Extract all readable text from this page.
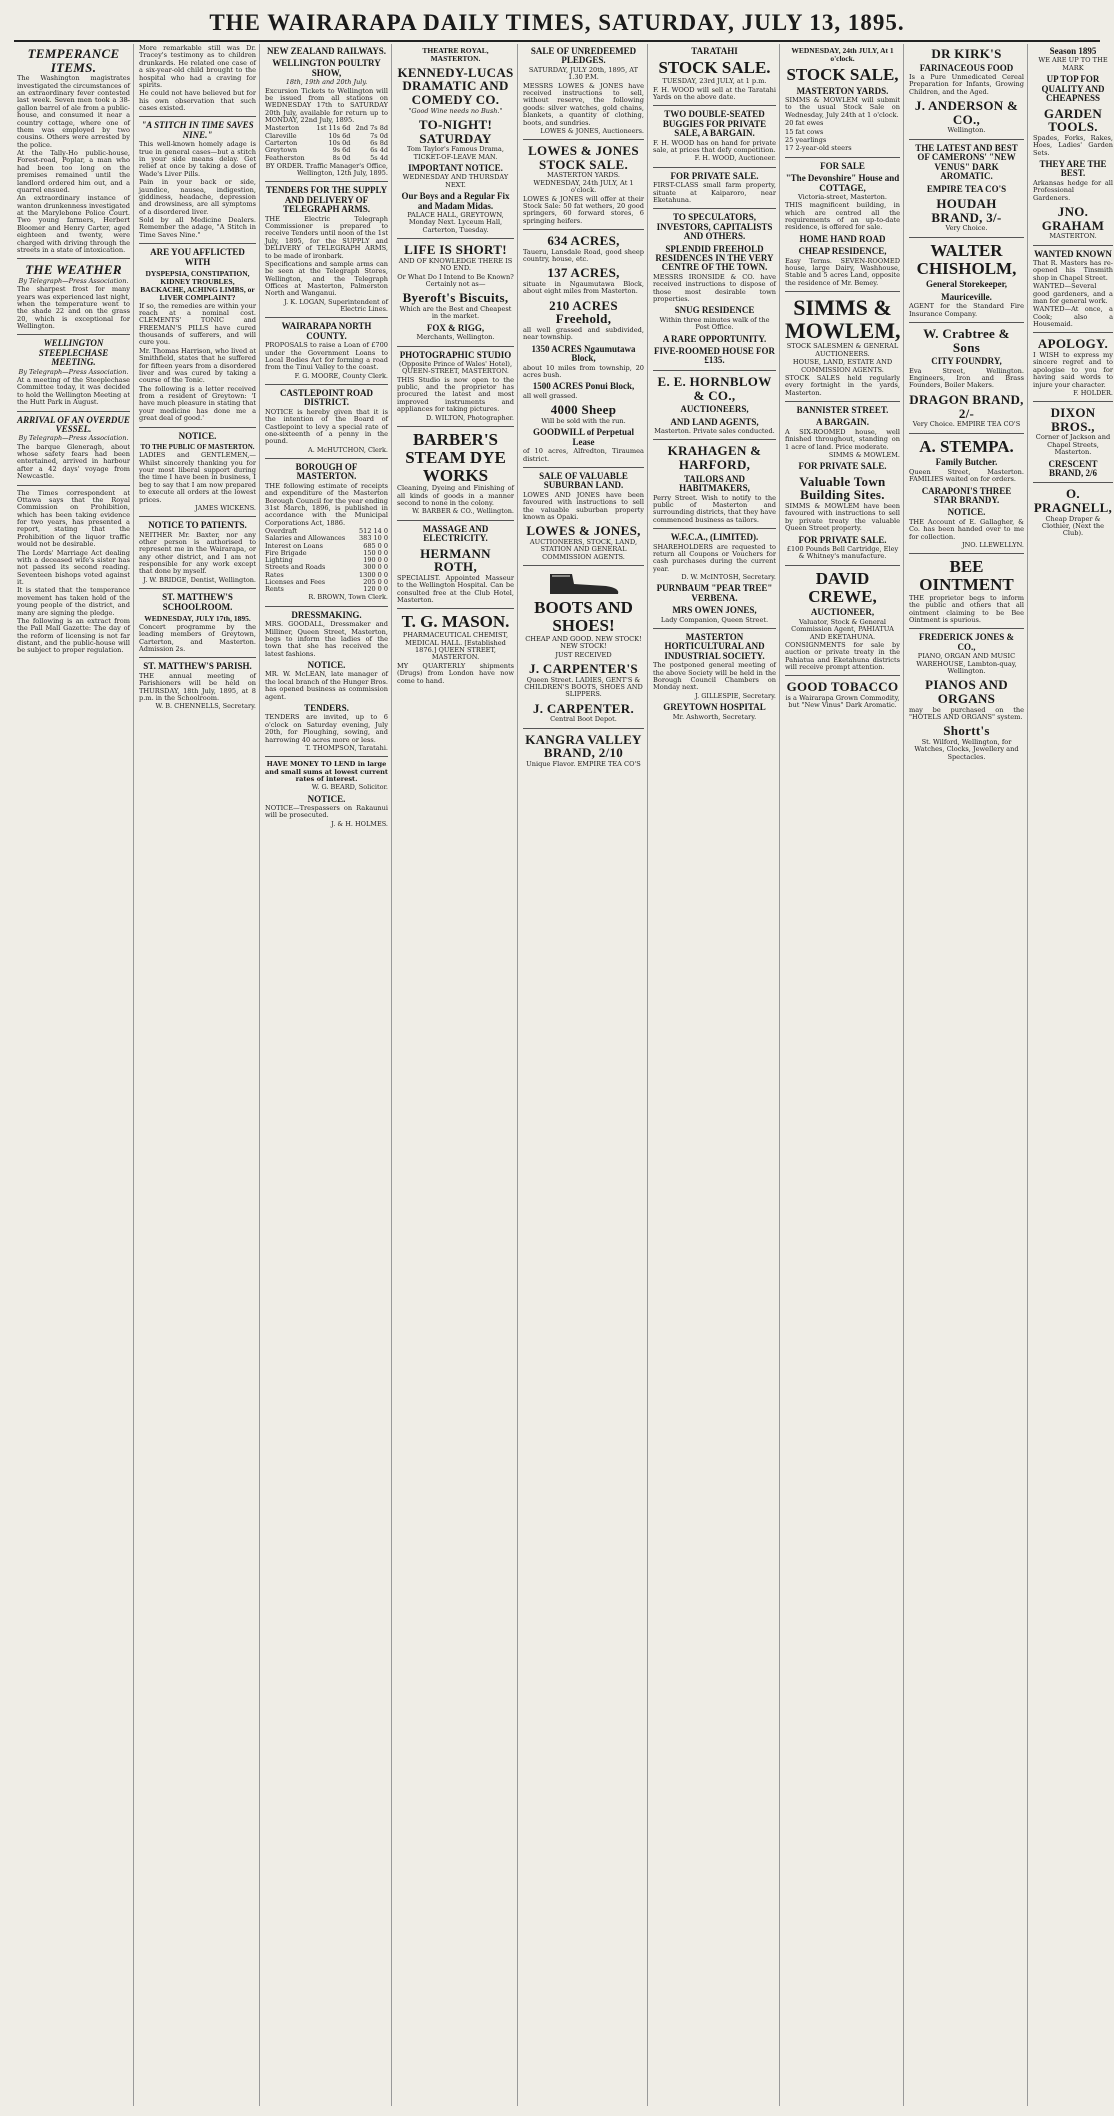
THE WAIRARAPA DAILY TIMES, SATURDAY, JULY 13, 1895.
TEMPERANCE ITEMS.

The Washington magistrates investigated the circumstances of an extraordinary fever contested last week. Seven men took a 38-gallon barrel of ale from a public-house, and consumed it near a country cottage, where one of them was employed by two cousins. Others were arrested by the police.

At the Tally-Ho public-house, Forest-road, Poplar, a man who had been too long on the premises remained until the landlord ordered him out, and a quarrel ensued.

An extraordinary instance of wanton drunkenness investigated at the Marylebone Police Court. Two young farmers, Herbert Bloomer and Henry Carter, aged eighteen and twenty, were charged with driving through the streets in a state of intoxication.

THE WEATHER
By Telegraph—Press Association.

The sharpest frost for many years was experienced last night, when the temperature went to the shade 22 and on the grass 20, which is exceptional for Wellington.

WELLINGTON STEEPLECHASE MEETING.
By Telegraph—Press Association.

At a meeting of the Steeplechase Committee today, it was decided to hold the Wellington Meeting at the Hutt Park in August.

ARRIVAL OF AN OVERDUE VESSEL.
By Telegraph—Press Association.

The barque Gleneragh, about whose safety fears had been entertained, arrived in harbour after a 42 days' voyage from Newcastle.

The Times correspondent at Ottawa says that the Royal Commission on Prohibition, which has been taking evidence for two years, has presented a report, stating that the Prohibition of the liquor traffic would not be desirable.

The Lords' Marriage Act dealing with a deceased wife's sister has not passed its second reading. Seventeen bishops voted against it.

It is stated that the temperance movement has taken hold of the young people of the district, and many are signing the pledge.

The following is an extract from the Pall Mall Gazette: The day of the reform of licensing is not far distant, and the public-house will be subject to proper regulation.

More remarkable still was Dr. Tracey's testimony as to children drunkards. He related one case of a six-year-old child brought to the hospital who had a craving for spirits.

He could not have believed but for his own observation that such cases existed.

"A STITCH IN TIME SAVES NINE."

This well-known homely adage is true in general cases—but a stitch in your side means delay. Get relief at once by taking a dose of Wade's Liver Pills.

Pain in your back or side, jaundice, nausea, indigestion, giddiness, headache, depression and drowsiness, are all symptoms of a disordered liver.

Sold by all Medicine Dealers. Remember the adage, "A Stitch in Time Saves Nine."

ARE YOU AFFLICTED WITH
DYSPEPSIA, CONSTIPATION, KIDNEY TROUBLES, BACKACHE, ACHING LIMBS, or LIVER COMPLAINT?

If so, the remedies are within your reach at a nominal cost. CLEMENTS' TONIC and FREEMAN'S PILLS have cured thousands of sufferers, and will cure you.

Mr. Thomas Harrison, who lived at Smithfield, states that he suffered for fifteen years from a disordered liver and was cured by taking a course of the Tonic.

The following is a letter received from a resident of Greytown: 'I have much pleasure in stating that your medicine has done me a great deal of good.'

NOTICE.
TO THE PUBLIC OF MASTERTON.

LADIES and GENTLEMEN,—Whilst sincerely thanking you for your most liberal support during the time I have been in business, I beg to say that I am now prepared to execute all orders at the lowest prices.

JAMES WICKENS.
NOTICE TO PATIENTS.

NEITHER Mr. Baxter, nor any other person is authorised to represent me in the Wairarapa, or any other district, and I am not responsible for any work except that done by myself.

J. W. BRIDGE, Dentist, Wellington.
ST. MATTHEW'S SCHOOLROOM.
WEDNESDAY, JULY 17th, 1895.

Concert programme by the leading members of Greytown, Carterton, and Masterton. Admission 2s.

ST. MATTHEW'S PARISH.

THE annual meeting of Parishioners will be held on THURSDAY, 18th July, 1895, at 8 p.m. in the Schoolroom.

W. B. CHENNELLS, Secretary.
NEW ZEALAND RAILWAYS.
WELLINGTON POULTRY SHOW,
18th, 19th and 20th July.

Excursion Tickets to Wellington will be issued from all stations on WEDNESDAY 17th to SATURDAY 20th July, available for return up to MONDAY, 22nd July, 1895.

Masterton	1st 11s 6d	2nd 7s 8d
Clareville	10s 6d	7s 0d
Carterton	10s 0d	6s 8d
Greytown	9s 6d	6s 4d
Featherston	8s 0d	5s 4d
BY ORDER. Traffic Manager's Office, Wellington, 12th July, 1895.
TENDERS FOR THE SUPPLY AND DELIVERY OF TELEGRAPH ARMS.

THE Electric Telegraph Commissioner is prepared to receive Tenders until noon of the 1st July, 1895, for the SUPPLY and DELIVERY of TELEGRAPH ARMS, to be made of ironbark.

Specifications and sample arms can be seen at the Telegraph Stores, Wellington, and the Telegraph Offices at Masterton, Palmerston North and Wanganui.

J. K. LOGAN, Superintendent of Electric Lines.
WAIRARAPA NORTH COUNTY.

PROPOSALS to raise a Loan of £700 under the Government Loans to Local Bodies Act for forming a road from the Tinui Valley to the coast.

F. G. MOORE, County Clerk.
CASTLEPOINT ROAD DISTRICT.

NOTICE is hereby given that it is the intention of the Board of Castlepoint to levy a special rate of one-sixteenth of a penny in the pound.

A. McHUTCHON, Clerk.
BOROUGH OF MASTERTON.

THE following estimate of receipts and expenditure of the Masterton Borough Council for the year ending 31st March, 1896, is published in accordance with the Municipal Corporations Act, 1886.

Overdraft	512 14 0
Salaries and Allowances	383 10 0
Interest on Loans	685 0 0
Fire Brigade	150 0 0
Lighting	190 0 0
Streets and Roads	300 0 0
Rates	1300 0 0
Licenses and Fees	205 0 0
Rents	120 0 0
R. BROWN, Town Clerk.
DRESSMAKING.

MRS. GOODALL, Dressmaker and Milliner, Queen Street, Masterton, begs to inform the ladies of the town that she has received the latest fashions.

NOTICE.

MR. W. McLEAN, late manager of the local branch of the Hunger Bros. has opened business as commission agent.

TENDERS.

TENDERS are invited, up to 6 o'clock on Saturday evening, July 20th, for Ploughing, sowing, and harrowing 40 acres more or less.

T. THOMPSON, Taratahi.

HAVE MONEY TO LEND in large and small sums at lowest current rates of interest.

W. G. BEARD, Solicitor.
NOTICE.

NOTICE—Trespassers on Rakaunui will be prosecuted.

J. & H. HOLMES.
THEATRE ROYAL, MASTERTON.
KENNEDY-LUCAS DRAMATIC AND COMEDY CO.
"Good Wine needs no Bush."
TO-NIGHT! SATURDAY

Tom Taylor's Famous Drama, TICKET-OF-LEAVE MAN.

IMPORTANT NOTICE.

WEDNESDAY AND THURSDAY NEXT.

Our Boys and a Regular Fix and Madam Midas.

PALACE HALL, GREYTOWN, Monday Next. Lyceum Hall, Carterton, Tuesday.

LIFE IS SHORT!

AND OF KNOWLEDGE THERE IS NO END.

Or What Do I Intend to Be Known? Certainly not as—

Byeroft's Biscuits,

Which are the Best and Cheapest in the market.

FOX & RIGG,

Merchants, Wellington.

PHOTOGRAPHIC STUDIO

(Opposite Prince of Wales' Hotel), QUEEN-STREET, MASTERTON.

THIS Studio is now open to the public, and the proprietor has procured the latest and most improved instruments and appliances for taking pictures.

D. WILTON, Photographer.
BARBER'S STEAM DYE WORKS

Cleaning, Dyeing and Finishing of all kinds of goods in a manner second to none in the colony.

W. BARBER & CO., Wellington.
MASSAGE AND ELECTRICITY.
HERMANN ROTH,

SPECIALIST. Appointed Masseur to the Wellington Hospital. Can be consulted free at the Club Hotel, Masterton.

T. G. MASON.

PHARMACEUTICAL CHEMIST, MEDICAL HALL. [Established 1876.] QUEEN STREET, MASTERTON.

MY QUARTERLY shipments (Drugs) from London have now come to hand.

SALE OF UNREDEEMED PLEDGES.

SATURDAY, JULY 20th, 1895, AT 1.30 P.M.

MESSRS LOWES & JONES have received instructions to sell, without reserve, the following goods: silver watches, gold chains, blankets, a quantity of clothing, boots, and sundries.

LOWES & JONES, Auctioneers.
LOWES & JONES STOCK SALE.

MASTERTON YARDS. WEDNESDAY, 24th JULY, At 1 o'clock.

LOWES & JONES will offer at their Stock Sale: 50 fat wethers, 20 good springers, 60 forward stores, 6 springing heifers.

634 ACRES,

Taueru, Lansdale Road, good sheep country, house, etc.

137 ACRES,

situate in Ngaumutawa Block, about eight miles from Masterton.

210 ACRES Freehold,

all well grassed and subdivided, near township.

1350 ACRES Ngaumutawa Block,

about 10 miles from township, 20 acres bush.

1500 ACRES Ponui Block,

all well grassed.

4000 Sheep

Will be sold with the run.

GOODWILL of Perpetual Lease

of 10 acres, Alfredton, Tiraumea district.

SALE OF VALUABLE SUBURBAN LAND.

LOWES AND JONES have been favoured with instructions to sell the valuable suburban property known as Opaki.

LOWES & JONES,

AUCTIONEERS, STOCK, LAND, STATION AND GENERAL COMMISSION AGENTS.

BOOTS AND SHOES!

CHEAP AND GOOD. NEW STOCK! NEW STOCK!

JUST RECEIVED

J. CARPENTER'S

Queen Street. LADIES, GENT'S & CHILDREN'S BOOTS, SHOES AND SLIPPERS.

J. CARPENTER.

Central Boot Depot.

KANGRA VALLEY BRAND, 2/10

Unique Flavor. EMPIRE TEA CO'S

TARATAHI
STOCK SALE.

TUESDAY, 23rd JULY, at 1 p.m.

F. H. WOOD will sell at the Taratahi Yards on the above date.

TWO DOUBLE-SEATED BUGGIES FOR PRIVATE SALE, A BARGAIN.

F. H. WOOD has on hand for private sale, at prices that defy competition.

F. H. WOOD, Auctioneer.
FOR PRIVATE SALE.

FIRST-CLASS small farm property, situate at Kaiparoro, near Eketahuna.

TO SPECULATORS, INVESTORS, CAPITALISTS AND OTHERS.
SPLENDID FREEHOLD RESIDENCES IN THE VERY CENTRE OF THE TOWN.

MESSRS IRONSIDE & CO. have received instructions to dispose of those most desirable town properties.

SNUG RESIDENCE

Within three minutes walk of the Post Office.

A RARE OPPORTUNITY.
FIVE-ROOMED HOUSE FOR £135.
E. E. HORNBLOW & CO.,
AUCTIONEERS,
AND LAND AGENTS,

Masterton. Private sales conducted.

KRAHAGEN & HARFORD,
TAILORS AND HABITMAKERS,

Perry Street. Wish to notify to the public of Masterton and surrounding districts, that they have commenced business as tailors.

W.F.C.A., (LIMITED).

SHAREHOLDERS are requested to return all Coupons or Vouchers for cash purchases during the current year.

D. W. McINTOSH, Secretary.
PURNBAUM "PEAR TREE" VERBENA.
MRS OWEN JONES,

Lady Companion, Queen Street.

MASTERTON HORTICULTURAL AND INDUSTRIAL SOCIETY.

The postponed general meeting of the above Society will be held in the Borough Council Chambers on Monday next.

J. GILLESPIE, Secretary.
GREYTOWN HOSPITAL

Mr. Ashworth, Secretary.

WEDNESDAY, 24th JULY, At 1 o'clock.
STOCK SALE,
MASTERTON YARDS.

SIMMS & MOWLEM will submit to the usual Stock Sale on Wednesday, July 24th at 1 o'clock.

20 fat ewes

15 fat cows

25 yearlings

17 2-year-old steers

FOR SALE
"The Devonshire" House and COTTAGE,

Victoria-street, Masterton.

THIS magnificent building, in which are centred all the requirements of an up-to-date residence, is offered for sale.

HOME HAND ROAD
CHEAP RESIDENCE,

Easy Terms. SEVEN-ROOMED house, large Dairy, Washhouse, Stable and 5 acres Land, opposite the residence of Mr. Bemey.

SIMMS & MOWLEM,

STOCK SALESMEN & GENERAL AUCTIONEERS.

HOUSE, LAND, ESTATE AND COMMISSION AGENTS.

STOCK SALES held regularly every fortnight in the yards, Masterton.

BANNISTER STREET.
A BARGAIN.

A SIX-ROOMED house, well finished throughout, standing on 1 acre of land. Price moderate.

SIMMS & MOWLEM.
FOR PRIVATE SALE.
Valuable Town Building Sites.

SIMMS & MOWLEM have been favoured with instructions to sell by private treaty the valuable Queen Street property.

FOR PRIVATE SALE.

£100 Pounds Bell Cartridge, Eley & Whitney's manufacture.

DAVID CREWE,
AUCTIONEER,

Valuator, Stock & General Commission Agent, PAHIATUA AND EKETAHUNA.

CONSIGNMENTS for sale by auction or private treaty in the Pahiatua and Eketahuna districts will receive prompt attention.

GOOD TOBACCO

is a Wairarapa Grown Commodity, but "New Vinus" Dark Aromatic.

DR KIRK'S
FARINACEOUS FOOD

Is a Pure Unmedicated Cereal Preparation for Infants, Growing Children, and the Aged.

J. ANDERSON & CO.,

Wellington.

THE LATEST AND BEST OF CAMERONS' "NEW VENUS" DARK AROMATIC.
EMPIRE TEA CO'S
HOUDAH BRAND, 3/-

Very Choice.

WALTER CHISHOLM,
General Storekeeper,
Mauriceville.

AGENT for the Standard Fire Insurance Company.

W. Crabtree & Sons
CITY FOUNDRY,

Eva Street, Wellington. Engineers, Iron and Brass Founders, Boiler Makers.

DRAGON BRAND, 2/-

Very Choice. EMPIRE TEA CO'S

A. STEMPA.
Family Butcher.

Queen Street, Masterton. FAMILIES waited on for orders.

CARAPONI'S THREE STAR BRANDY.
NOTICE.

THE Account of E. Gallagher, & Co. has been handed over to me for collection.

JNO. LLEWELLYN.
BEE OINTMENT

THE proprietor begs to inform the public and others that all ointment claiming to be Bee Ointment is spurious.

FREDERICK JONES & CO.,

PIANO, ORGAN AND MUSIC WAREHOUSE, Lambton-quay, Wellington.

PIANOS AND ORGANS

may be purchased on the "HOTELS AND ORGANS" system.

Shortt's

St. Wilford, Wellington, for Watches, Clocks, Jewellery and Spectacles.

Season 1895

WE ARE UP TO THE MARK

UP TOP FOR QUALITY AND CHEAPNESS
GARDEN TOOLS.

Spades, Forks, Rakes, Hoes, Ladies' Garden Sets.

THEY ARE THE BEST.

Arkansas hedge for all Professional Gardeners.

JNO. GRAHAM

MASTERTON.

WANTED KNOWN

That R. Masters has re-opened his Tinsmith shop in Chapel Street.

WANTED—Several good gardeners, and a man for general work.

WANTED—At once, a Cook; also a Housemaid.

APOLOGY.

I WISH to express my sincere regret and to apologise to you for having said words to injure your character.

F. HOLDER.
DIXON BROS.,

Corner of Jackson and Chapel Streets, Masterton.

CRESCENT BRAND, 2/6
O. PRAGNELL,

Cheap Draper & Clothier, (Next the Club).
